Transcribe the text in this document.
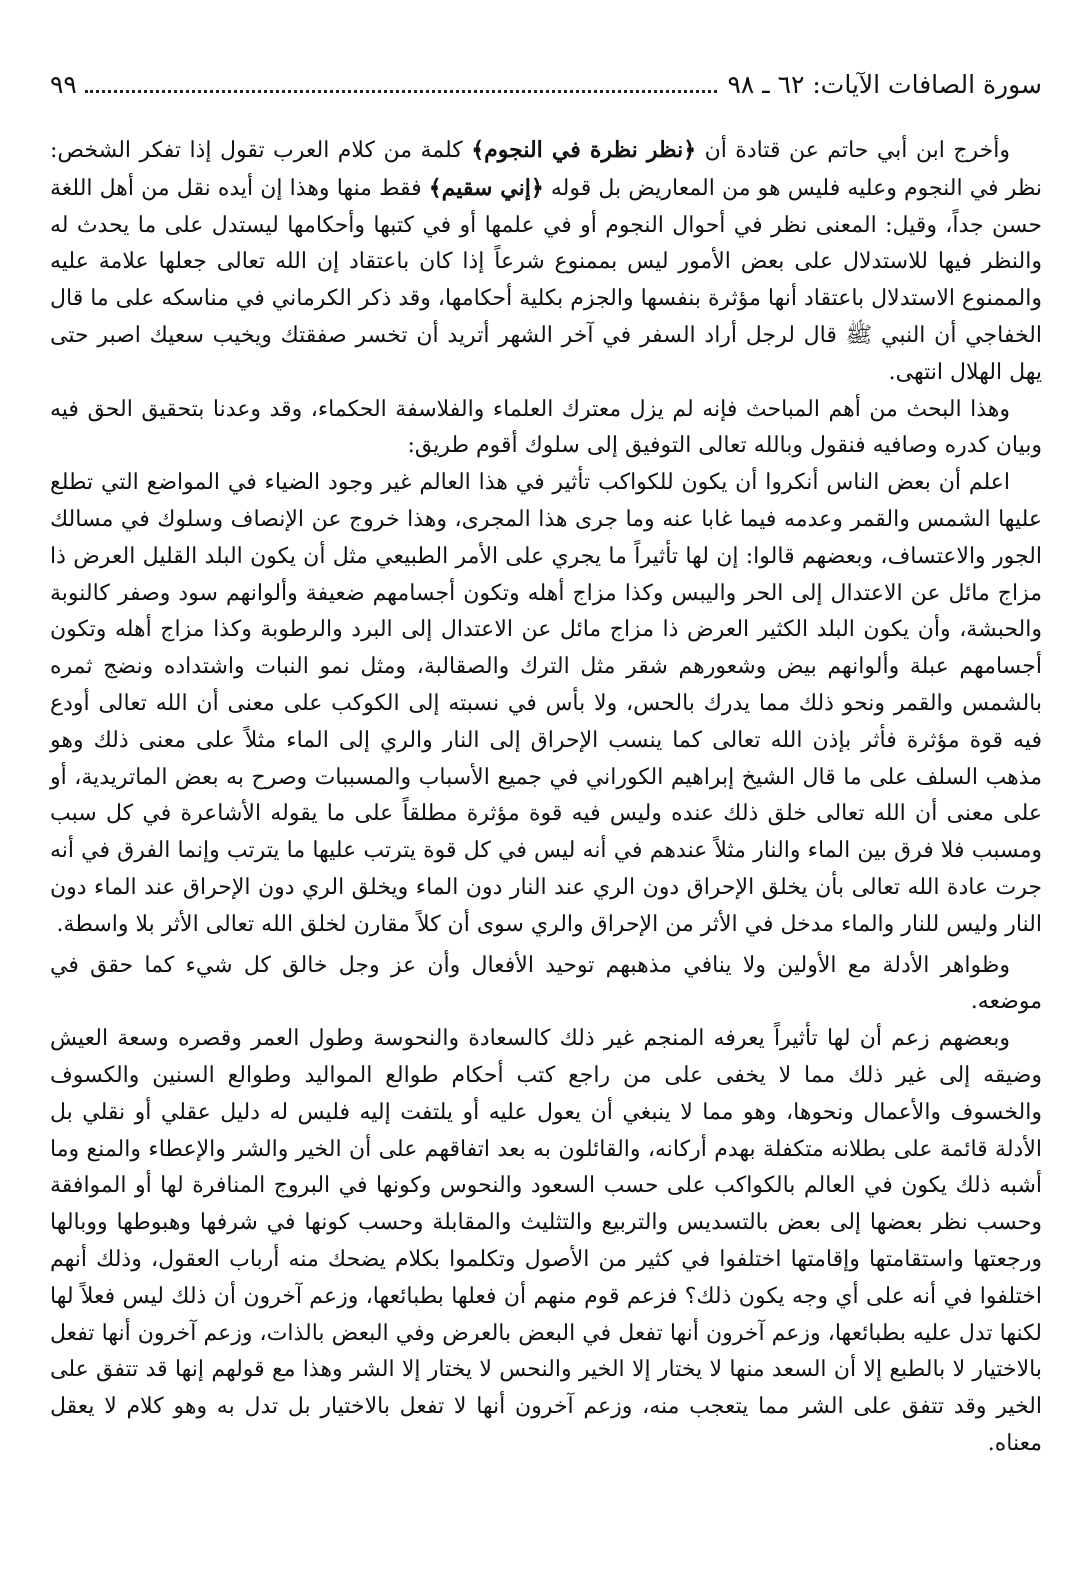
سورة الصافات الآيات: ٦٢ ـ ٩٨
٩٩

وأخرج ابن أبي حاتم عن قتادة أن ﴿نظر نظرة في النجوم﴾ كلمة من كلام العرب تقول إذا تفكر الشخص: نظر في النجوم وعليه فليس هو من المعاريض بل قوله ﴿إني سقيم﴾ فقط منها وهذا إن أيده نقل من أهل اللغة حسن جداً، وقيل: المعنى نظر في أحوال النجوم أو في علمها أو في كتبها وأحكامها ليستدل على ما يحدث له والنظر فيها للاستدلال على بعض الأمور ليس بممنوع شرعاً إذا كان باعتقاد إن الله تعالى جعلها علامة عليه والممنوع الاستدلال باعتقاد أنها مؤثرة بنفسها والجزم بكلية أحكامها، وقد ذكر الكرماني في مناسكه على ما قال الخفاجي أن النبي ﷺ قال لرجل أراد السفر في آخر الشهر أتريد أن تخسر صفقتك ويخيب سعيك اصبر حتى يهل الهلال انتهى.

وهذا البحث من أهم المباحث فإنه لم يزل معترك العلماء والفلاسفة الحكماء، وقد وعدنا بتحقيق الحق فيه وبيان كدره وصافيه فنقول وبالله تعالى التوفيق إلى سلوك أقوم طريق:

اعلم أن بعض الناس أنكروا أن يكون للكواكب تأثير في هذا العالم غير وجود الضياء في المواضع التي تطلع عليها الشمس والقمر وعدمه فيما غابا عنه وما جرى هذا المجرى، وهذا خروج عن الإنصاف وسلوك في مسالك الجور والاعتساف، وبعضهم قالوا: إن لها تأثيراً ما يجري على الأمر الطبيعي مثل أن يكون البلد القليل العرض ذا مزاج مائل عن الاعتدال إلى الحر واليبس وكذا مزاج أهله وتكون أجسامهم ضعيفة وألوانهم سود وصفر كالنوبة والحبشة، وأن يكون البلد الكثير العرض ذا مزاج مائل عن الاعتدال إلى البرد والرطوبة وكذا مزاج أهله وتكون أجسامهم عبلة وألوانهم بيض وشعورهم شقر مثل الترك والصقالبة، ومثل نمو النبات واشتداده ونضج ثمره بالشمس والقمر ونحو ذلك مما يدرك بالحس، ولا بأس في نسبته إلى الكوكب على معنى أن الله تعالى أودع فيه قوة مؤثرة فأثر بإذن الله تعالى كما ينسب الإحراق إلى النار والري إلى الماء مثلاً على معنى ذلك وهو مذهب السلف على ما قال الشيخ إبراهيم الكوراني في جميع الأسباب والمسببات وصرح به بعض الماتريدية، أو على معنى أن الله تعالى خلق ذلك عنده وليس فيه قوة مؤثرة مطلقاً على ما يقوله الأشاعرة في كل سبب ومسبب فلا فرق بين الماء والنار مثلاً عندهم في أنه ليس في كل قوة يترتب عليها ما يترتب وإنما الفرق في أنه جرت عادة الله تعالى بأن يخلق الإحراق دون الري عند النار دون الماء ويخلق الري دون الإحراق عند الماء دون النار وليس للنار والماء مدخل في الأثر من الإحراق والري سوى أن كلاً مقارن لخلق الله تعالى الأثر بلا واسطة.

وظواهر الأدلة مع الأولين ولا ينافي مذهبهم توحيد الأفعال وأن عز وجل خالق كل شيء كما حقق في موضعه.

وبعضهم زعم أن لها تأثيراً يعرفه المنجم غير ذلك كالسعادة والنحوسة وطول العمر وقصره وسعة العيش وضيقه إلى غير ذلك مما لا يخفى على من راجع كتب أحكام طوالع المواليد وطوالع السنين والكسوف والخسوف والأعمال ونحوها، وهو مما لا ينبغي أن يعول عليه أو يلتفت إليه فليس له دليل عقلي أو نقلي بل الأدلة قائمة على بطلانه متكفلة بهدم أركانه، والقائلون به بعد اتفاقهم على أن الخير والشر والإعطاء والمنع وما أشبه ذلك يكون في العالم بالكواكب على حسب السعود والنحوس وكونها في البروج المنافرة لها أو الموافقة وحسب نظر بعضها إلى بعض بالتسديس والتربيع والتثليث والمقابلة وحسب كونها في شرفها وهبوطها ووبالها ورجعتها واستقامتها وإقامتها اختلفوا في كثير من الأصول وتكلموا بكلام يضحك منه أرباب العقول، وذلك أنهم اختلفوا في أنه على أي وجه يكون ذلك؟ فزعم قوم منهم أن فعلها بطبائعها، وزعم آخرون أن ذلك ليس فعلاً لها لكنها تدل عليه بطبائعها، وزعم آخرون أنها تفعل في البعض بالعرض وفي البعض بالذات، وزعم آخرون أنها تفعل بالاختيار لا بالطبع إلا أن السعد منها لا يختار إلا الخير والنحس لا يختار إلا الشر وهذا مع قولهم إنها قد تتفق على الخير وقد تتفق على الشر مما يتعجب منه، وزعم آخرون أنها لا تفعل بالاختيار بل تدل به وهو كلام لا يعقل معناه.
